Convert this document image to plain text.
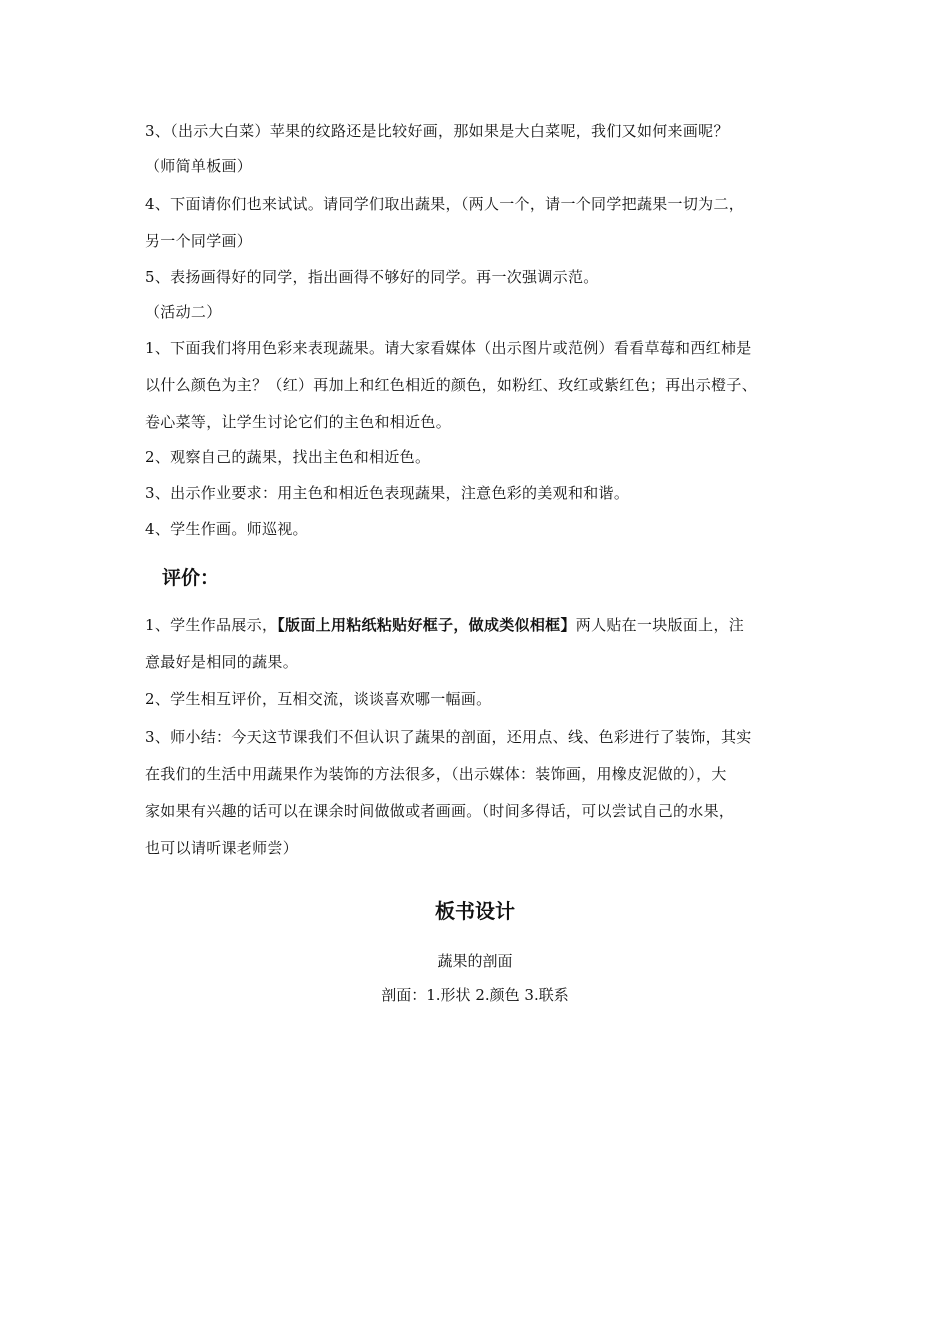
3、（出示大白菜）苹果的纹路还是比较好画，那如果是大白菜呢，我们又如何来画呢？
（师简单板画）
4、下面请你们也来试试。请同学们取出蔬果，（两人一个，请一个同学把蔬果一切为二，
另一个同学画）
5、表扬画得好的同学，指出画得不够好的同学。再一次强调示范。
（活动二）
1、下面我们将用色彩来表现蔬果。请大家看媒体（出示图片或范例）看看草莓和西红柿是
以什么颜色为主？（红）再加上和红色相近的颜色，如粉红、玫红或紫红色；再出示橙子、
卷心菜等，让学生讨论它们的主色和相近色。
2、观察自己的蔬果，找出主色和相近色。
3、出示作业要求：用主色和相近色表现蔬果，注意色彩的美观和和谐。
4、学生作画。师巡视。
评价：
1、学生作品展示，【版面上用粘纸粘贴好框子，做成类似相框】两人贴在一块版面上，注
意最好是相同的蔬果。
2、学生相互评价，互相交流，谈谈喜欢哪一幅画。
3、师小结：今天这节课我们不但认识了蔬果的剖面，还用点、线、色彩进行了装饰，其实
在我们的生活中用蔬果作为装饰的方法很多，（出示媒体：装饰画，用橡皮泥做的），大
家如果有兴趣的话可以在课余时间做做或者画画。（时间多得话，可以尝试自己的水果，
也可以请听课老师尝）
板书设计
蔬果的剖面
剖面：1.形状 2.颜色 3.联系
